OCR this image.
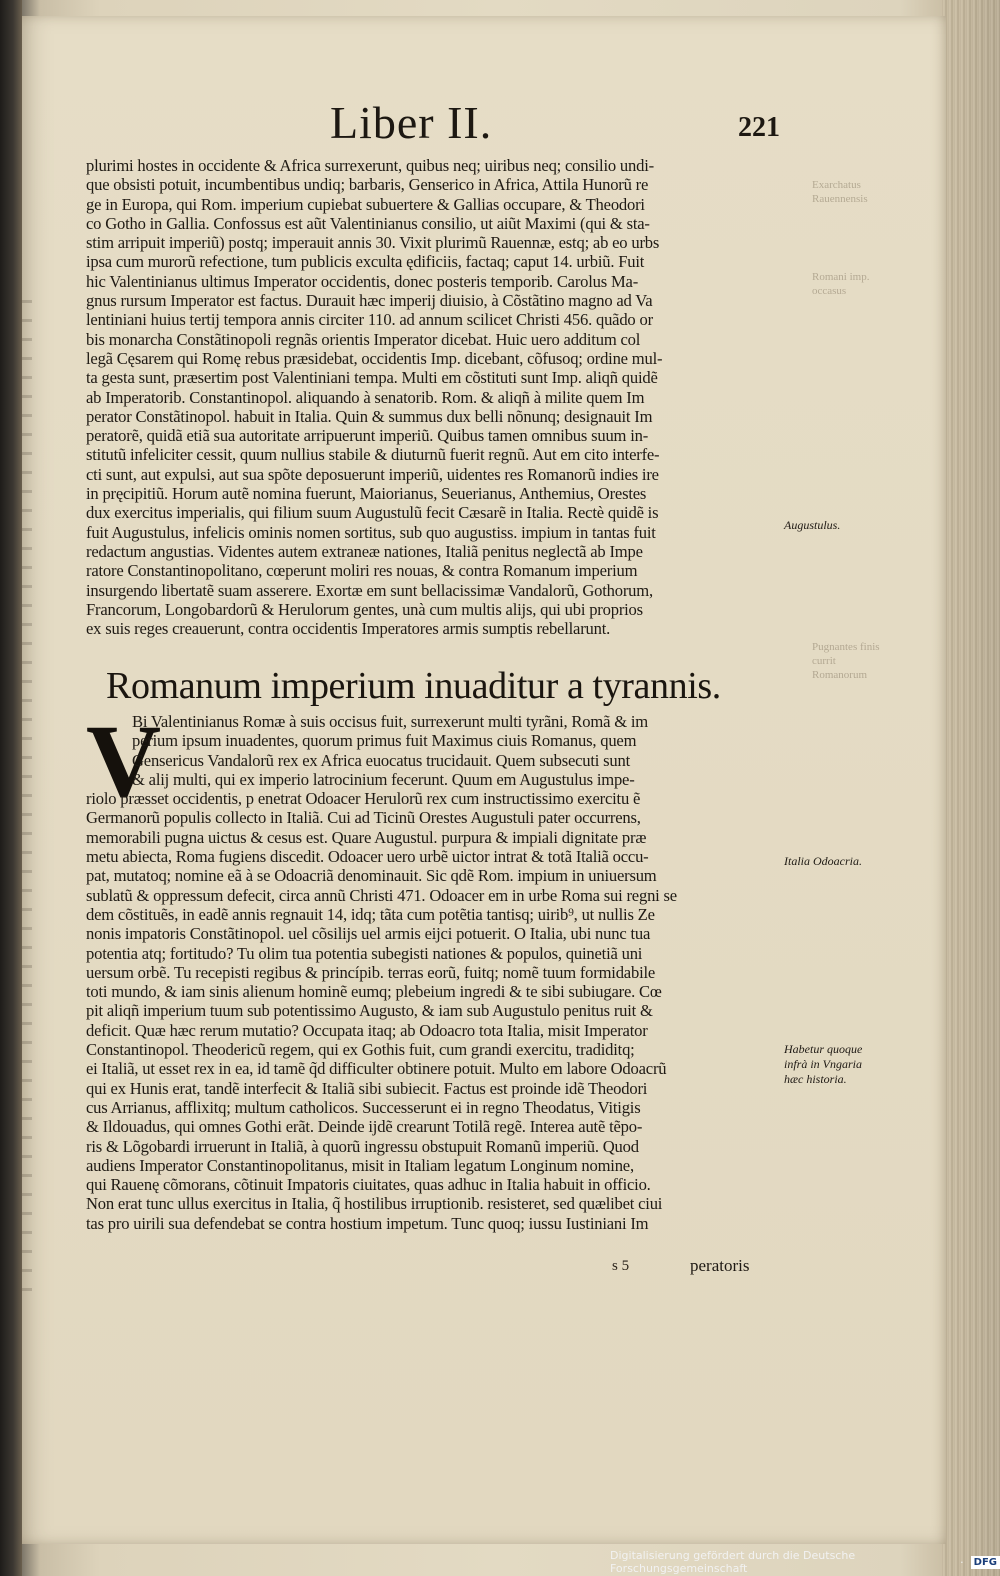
Liber II.	221
plurimi hostes in occidente & Africa surrexerunt, quibus neq; uiribus neq; consilio undi-
que obsisti potuit, incumbentibus undiq; barbaris, Genserico in Africa, Attila Hunorũ re
ge in Europa, qui Rom. imperium cupiebat subuertere & Gallias occupare, & Theodori
co Gotho in Gallia. Confossus est aũt Valentinianus consilio, ut aiũt Maximi (qui & sta-
stim arripuit imperiũ) postq; imperauit annis 30. Vixit plurimũ Rauennæ, estq; ab eo urbs
ipsa cum murorũ refectione, tum publicis exculta ędificiis, factaq; caput 14. urbiũ. Fuit
hic Valentinianus ultimus Imperator occidentis, donec posteris temporib. Carolus Ma-
gnus rursum Imperator est factus. Durauit hæc imperij diuisio, à Cõstãtino magno ad Va
lentiniani huius tertij tempora annis circiter 110. ad annum scilicet Christi 456. quãdo or
bis monarcha Constãtinopoli regnãs orientis Imperator dicebat. Huic uero additum col
legã Cęsarem qui Romę rebus præsidebat, occidentis Imp. dicebant, cõfusoq; ordine mul-
ta gesta sunt, præsertim post Valentiniani tempa. Multi em cõstituti sunt Imp. aliqñ quidẽ
ab Imperatorib. Constantinopol. aliquando à senatorib. Rom. & aliqñ à milite quem Im
perator Constãtinopol. habuit in Italia. Quin & summus dux belli nõnunq; designauit Im
peratorẽ, quidã etiã sua autoritate arripuerunt imperiũ. Quibus tamen omnibus suum in-
stitutũ infeliciter cessit, quum nullius stabile & diuturnũ fuerit regnũ. Aut em cito interfe-
cti sunt, aut expulsi, aut sua spõte deposuerunt imperiũ, uidentes res Romanorũ indies ire
in pręcipitiũ. Horum autẽ nomina fuerunt, Maiorianus, Seuerianus, Anthemius, Orestes
dux exercitus imperialis, qui filium suum Augustulũ fecit Cæsarẽ in Italia. Rectè quidẽ is
fuit Augustulus, infelicis ominis nomen sortitus, sub quo augustiss. impium in tantas fuit
redactum angustias. Videntes autem extraneæ nationes, Italiã penitus neglectã ab Impe
ratore Constantinopolitano, cœperunt moliri res nouas, & contra Romanum imperium
insurgendo libertatẽ suam asserere. Exortæ em sunt bellacissimæ Vandalorũ, Gothorum,
Francorum, Longobardorũ & Herulorum gentes, unà cum multis alijs, qui ubi proprios
ex suis reges creauerunt, contra occidentis Imperatores armis sumptis rebellarunt.
Romanum imperium inuaditur a tyrannis.
V
Bi Valentinianus Romæ à suis occisus fuit, surrexerunt multi tyrãni, Romã & im
perium ipsum inuadentes, quorum primus fuit Maximus ciuis Romanus, quem
Gensericus Vandalorũ rex ex Africa euocatus trucidauit. Quem subsecuti sunt
& alij multi, qui ex imperio latrocinium fecerunt. Quum em Augustulus impe-
riolo præsset occidentis, p enetrat Odoacer Herulorũ rex cum instructissimo exercitu ẽ
Germanorũ populis collecto in Italiã. Cui ad Ticinũ Orestes Augustuli pater occurrens,
memorabili pugna uictus & cesus est. Quare Augustul. purpura & impiali dignitate præ
metu abiecta, Roma fugiens discedit. Odoacer uero urbẽ uictor intrat & totã Italiã occu-
pat, mutatoq; nomine eã à se Odoacriã denominauit. Sic qdẽ Rom. impium in uniuersum
sublatũ & oppressum defecit, circa annũ Christi 471. Odoacer em in urbe Roma sui regni se
dem cõstituẽs, in eadẽ annis regnauit 14, idq; tãta cum potẽtia tantisq; uirib⁹, ut nullis Ze
nonis impatoris Constãtinopol. uel cõsilijs uel armis eijci potuerit. O Italia, ubi nunc tua
potentia atq; fortitudo? Tu olim tua potentia subegisti nationes & populos, quinetiã uni
uersum orbẽ. Tu recepisti regibus & princípib. terras eorũ, fuitq; nomẽ tuum formidabile
toti mundo, & iam sinis alienum hominẽ eumq; plebeium ingredi & te sibi subiugare. Cœ
pit aliqñ imperium tuum sub potentissimo Augusto, & iam sub Augustulo penitus ruit &
deficit. Quæ hæc rerum mutatio? Occupata itaq; ab Odoacro tota Italia, misit Imperator
Constantinopol. Theodericũ regem, qui ex Gothis fuit, cum grandi exercitu, tradiditq;
ei Italiã, ut esset rex in ea, id tamẽ q̃d difficulter obtinere potuit. Multo em labore Odoacrũ
qui ex Hunis erat, tandẽ interfecit & Italiã sibi subiecit. Factus est proinde idẽ Theodori
cus Arrianus, afflixitq; multum catholicos. Successerunt ei in regno Theodatus, Vitigis
& Ildouadus, qui omnes Gothi erãt. Deinde ijdẽ crearunt Totilã regẽ. Interea autẽ tẽpo-
ris & Lõgobardi irruerunt in Italiã, à quorũ ingressu obstupuit Romanũ imperiũ. Quod
audiens Imperator Constantinopolitanus, misit in Italiam legatum Longinum nomine,
qui Rauenę cõmorans, cõtinuit Impatoris ciuitates, quas adhuc in Italia habuit in officio.
Non erat tunc ullus exercitus in Italia, q̃ hostilibus irruptionib. resisteret, sed quælibet ciui
tas pro uirili sua defendebat se contra hostium impetum. Tunc quoq; iussu Iustiniani Im
s 5	peratoris
Augustulus.
Italia Odoacria.
Habetur quoque infrà in Vngaria hæc historia.
Exarchatus Rauennensis
Romani imp. occasus
Pugnantes finis currit Romanorum
Digitalisierung gefördert durch die Deutsche Forschungsgemeinschaft	·	DFG
